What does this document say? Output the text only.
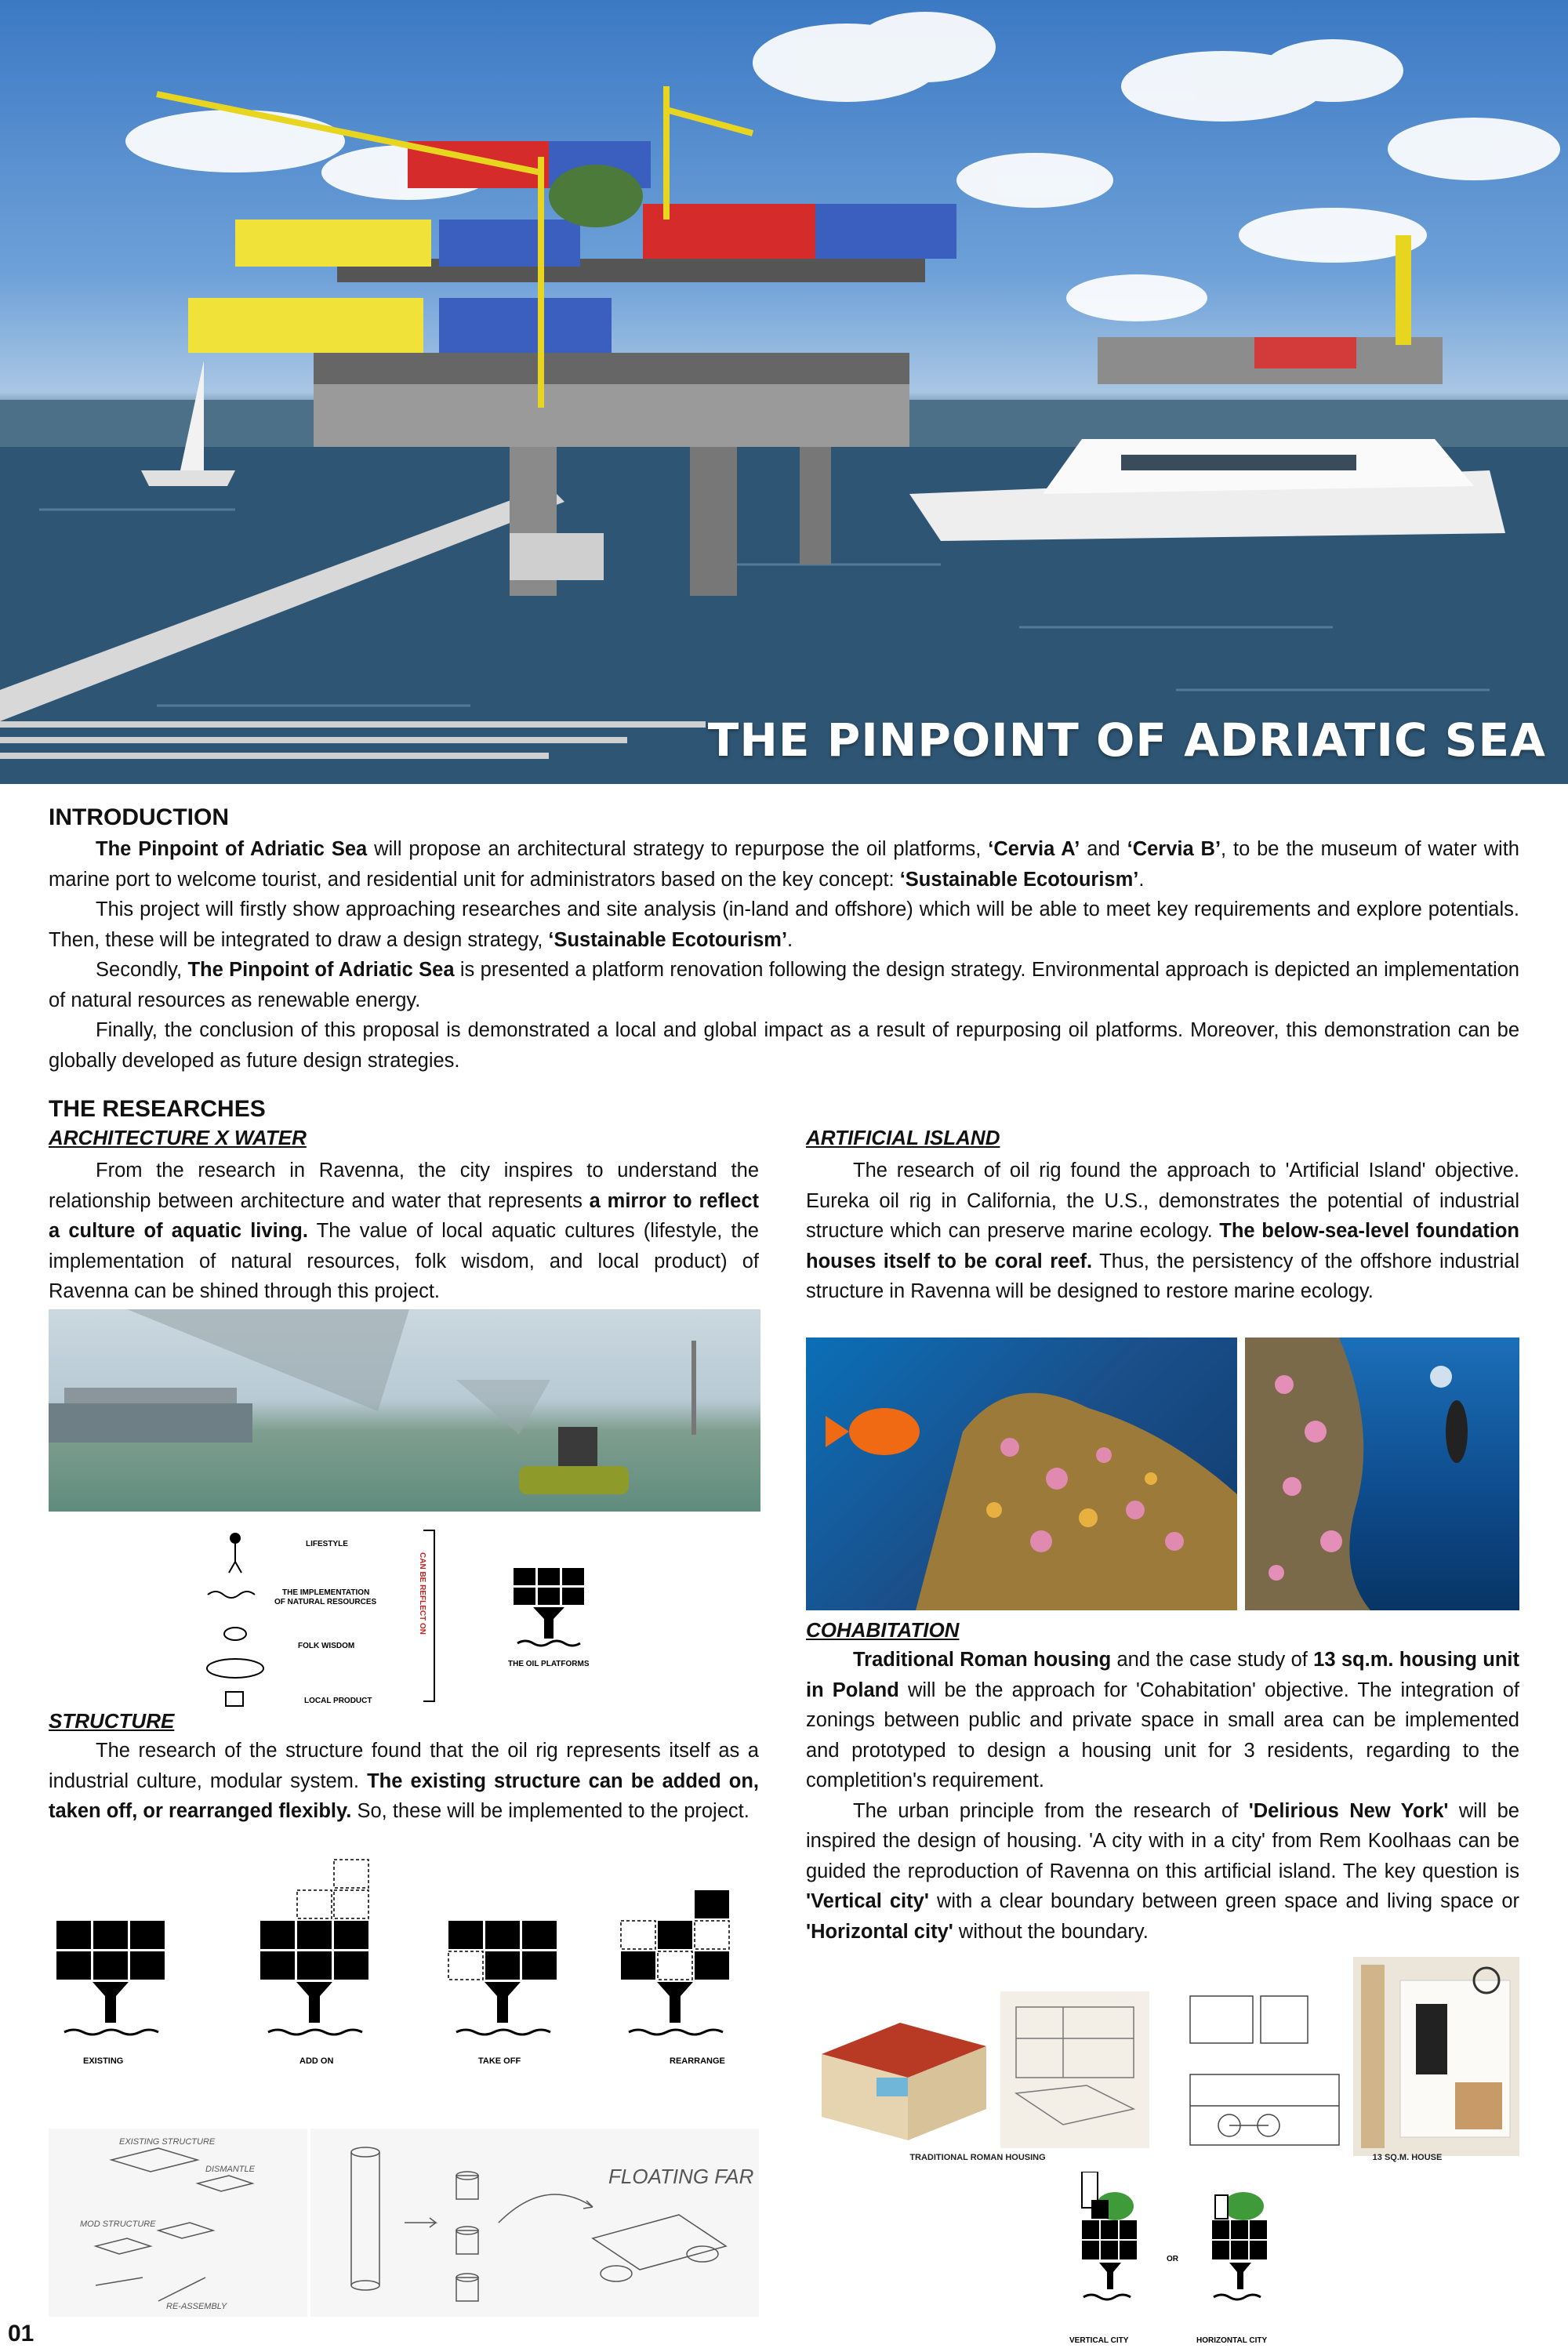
THE PINPOINT OF ADRIATIC SEA
INTRODUCTION

The Pinpoint of Adriatic Sea will propose an architectural strategy to repurpose the oil platforms, ‘Cervia A’ and ‘Cervia B’, to be the museum of water with marine port to welcome tourist, and residential unit for administrators based on the key concept: ‘Sustainable Ecotourism’.

This project will firstly show approaching researches and site analysis (in-land and offshore) which will be able to meet key requirements and explore potentials. Then, these will be integrated to draw a design strategy, ‘Sustainable Ecotourism’.

Secondly, The Pinpoint of Adriatic Sea is presented a platform renovation following the design strategy. Environmental approach is depicted an implementation of natural resources as renewable energy.

Finally, the conclusion of this proposal is demonstrated a local and global impact as a result of repurposing oil platforms. Moreover, this demonstration can be globally developed as future design strategies.

THE RESEARCHES
ARCHITECTURE X WATER

From the research in Ravenna, the city inspires to understand the relationship between architecture and water that represents a mirror to reflect a culture of aquatic living. The value of local aquatic cultures (lifestyle, the implementation of natural resources, folk wisdom, and local product) of Ravenna can be shined through this project.

LIFESTYLE
THE IMPLEMENTATION
OF NATURAL RESOURCES
FOLK WISDOM
LOCAL PRODUCT
CAN BE REFLECT ON
THE OIL PLATFORMS
STRUCTURE

The research of the structure found that the oil rig represents itself as a industrial culture, modular system. The existing structure can be added on, taken off, or rearranged flexibly. So, these will be implemented to the project.

EXISTING	ADD ON	TAKE OFF	REARRANGE
EXISTING STRUCTURE
DISMANTLE
MOD STRUCTURE
RE-ASSEMBLY
FLOATING FAR
ARTIFICIAL ISLAND

The research of oil rig found the approach to 'Artificial Island' objective. Eureka oil rig in California, the U.S., demonstrates the potential of industrial structure which can preserve marine ecology. The below-sea-level foundation houses itself to be coral reef. Thus, the persistency of the offshore industrial structure in Ravenna will be designed to restore marine ecology.

COHABITATION

Traditional Roman housing and the case study of 13 sq.m. housing unit in Poland will be the approach for 'Cohabitation' objective. The integration of zonings between public and private space in small area can be implemented and prototyped to design a housing unit for 3 residents, regarding to the completition's requirement.

The urban principle from the research of 'Delirious New York' will be inspired the design of housing. 'A city with in a city' from Rem Koolhaas can be guided the reproduction of Ravenna on this artificial island. The key question is 'Vertical city' with a clear boundary between green space and living space or 'Horizontal city' without the boundary.

TRADITIONAL ROMAN HOUSING	13 SQ.M. HOUSE
VERTICAL CITY
OR
HORIZONTAL CITY
01
